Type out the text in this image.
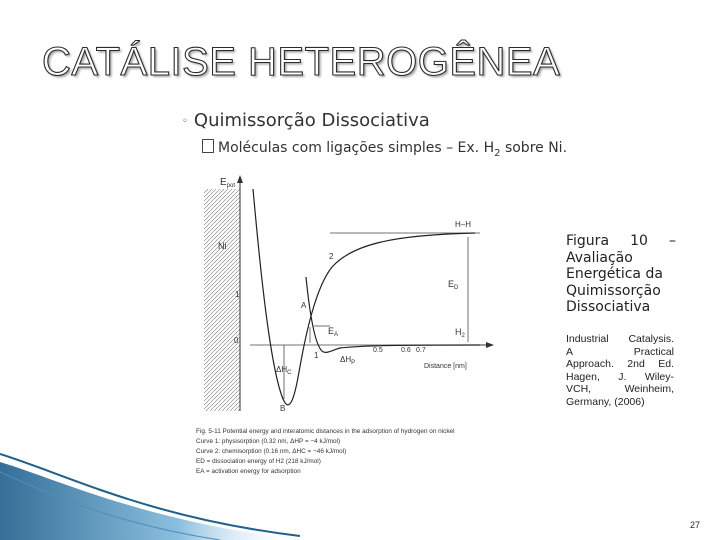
CATÁLISE HETEROGÊNEA
◦ Quimissorção Dissociativa
Moléculas com ligações simples – Ex. $H_2$ sobre Ni.
$E_{pot}$
Ni
H–H
2
A
$E_D$
$E_A$	$H_2$
1
0
1
$\Delta H_C$
$\Delta H_P$
B
0.5	0.6 0.7
Distance [nm]
Fig. 5-11 Potential energy and interatomic distances in the adsorption of hydrogen on nickel
Curve 1: physisorption (0.32 nm, ΔHP = −4 kJ/mol)
Curve 2: chemisorption (0.16 nm, ΔHC = −46 kJ/mol)
ED = dissociation energy of H2 (218 kJ/mol)
EA = activation energy for adsorption
Figura 10 –
Avaliação
Energética da
Quimissorção
Dissociativa
Industrial Catalysis.
A Practical
Approach. 2nd Ed.
Hagen, J. Wiley-
VCH, Weinheim,
Germany, (2006)
27
